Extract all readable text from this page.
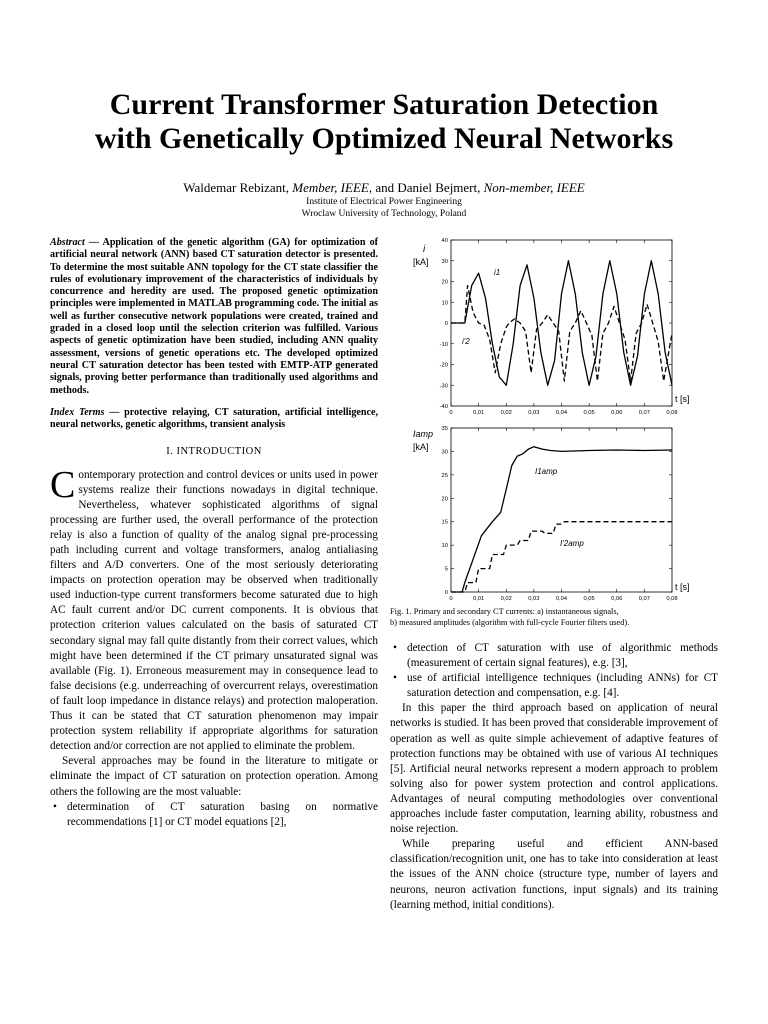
Current Transformer Saturation Detection
with Genetically Optimized Neural Networks
Waldemar Rebizant, Member, IEEE, and Daniel Bejmert, Non-member, IEEE
Institute of Electrical Power Engineering
Wroclaw University of Technology, Poland

Abstract — Application of the genetic algorithm (GA) for optimization of artificial neural network (ANN) based CT saturation detector is presented. To determine the most suitable ANN topology for the CT state classifier the rules of evolutionary improvement of the characteristics of individuals by concurrence and heredity are used. The proposed genetic optimization principles were implemented in MATLAB programming code. The initial as well as further consecutive network populations were created, trained and graded in a closed loop until the selection criterion was fulfilled. Various aspects of genetic optimization have been studied, including ANN quality assessment, versions of genetic operations etc. The developed optimized neural CT saturation detector has been tested with EMTP-ATP generated signals, proving better performance than traditionally used algorithms and methods.

Index Terms — protective relaying, CT saturation, artificial intelligence, neural networks, genetic algorithms, transient analysis

I. INTRODUCTION

Contemporary protection and control devices or units used in power systems realize their functions nowadays in digital technique. Nevertheless, whatever sophisticated algorithms of signal processing are further used, the overall performance of the protection relay is also a function of quality of the analog signal pre-processing path including current and voltage transformers, analog antialiasing filters and A/D converters. One of the most seriously deteriorating impacts on protection operation may be observed when traditionally used induction-type current transformers become saturated due to high AC fault current and/or DC current components. It is obvious that protection criterion values calculated on the basis of saturated CT secondary signal may fall quite distantly from their correct values, which might have been determined if the CT primary unsaturated signal was available (Fig. 1). Erroneous measurement may in consequence lead to false decisions (e.g. underreaching of overcurrent relays, overestimation of fault loop impedance in distance relays) and protection maloperation. Thus it can be stated that CT saturation phenomenon may impair protection system reliability if appropriate algorithms for saturation detection and/or correction are not applied to eliminate the problem.

Several approaches may be found in the literature to mitigate or eliminate the impact of CT saturation on protection operation. Among others the following are the most valuable:

• determination of CT saturation basing on normative recommendations [1] or CT model equations [2],
0	0,01	0,02	0,03	0,04	0,05	0,06	0,07	0,08
40
30
20
10
0
-10
-20
-30
-40
0	0,01	0,02	0,03	0,04	0,05	0,06	0,07	0,08
35
30
25
20
15
10
5
0
i
[kA]
t [s]
i1
i'2
Iamp
[kA]
t [s]
I1amp
I'2amp
Fig. 1. Primary and secondary CT currents: a) instantaneous signals,
b) measured amplitudes (algorithm with full-cycle Fourier filters used).
• detection of CT saturation with use of algorithmic methods (measurement of certain signal features), e.g. [3],
• use of artificial intelligence techniques (including ANNs) for CT saturation detection and compensation, e.g. [4].

In this paper the third approach based on application of neural networks is studied. It has been proved that considerable improvement of operation as well as quite simple achievement of adaptive features of protection functions may be obtained with use of various AI techniques [5]. Artificial neural networks represent a modern approach to problem solving also for power system protection and control applications. Advantages of neural computing methodologies over conventional approaches include faster computation, learning ability, robustness and noise rejection.

While preparing useful and efficient ANN-based classification/recognition unit, one has to take into consideration at least the issues of the ANN choice (structure type, number of layers and neurons, neuron activation functions, input signals) and its training (learning method, initial conditions).
